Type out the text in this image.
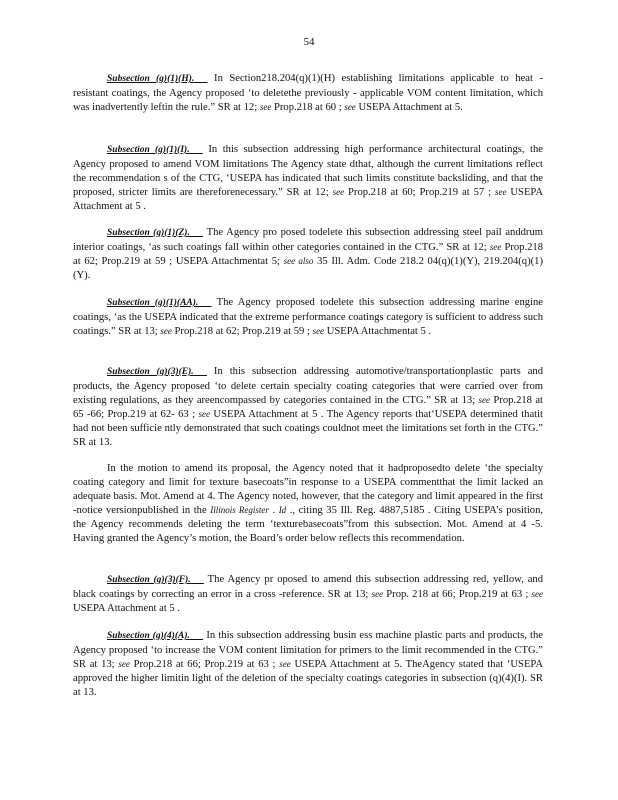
54

Subsection (g)(1)(H).      In Section218.204(q)(1)(H) establishing limitations applicable to heat -resistant coatings, the Agency proposed ‘to deletethe previously - applicable VOM content limitation, which was inadvertently leftin the rule.” SR at 12; see Prop.218 at 60 ; see USEPA Attachment at 5.

Subsection (g)(1)(I).      In this subsection addressing high performance architectural coatings, the Agency proposed to amend VOM limitations The Agency state dthat, although the current limitations reflect the recommendation s of the CTG, ‘USEPA has indicated that such limits constitute backsliding, and that the proposed, stricter limits are thereforenecessary.” SR at 12; see Prop.218 at 60; Prop.219 at 57 ; see USEPA Attachment at 5 .

Subsection (g)(1)(Z).      The Agency pro posed todelete this subsection addressing steel pail anddrum interior coatings, ‘as such coatings fall within other categories contained in the CTG.” SR at 12; see Prop.218 at 62; Prop.219 at 59 ; USEPA Attachmentat 5; see also 35 Ill. Adm. Code 218.2 04(q)(1)(Y), 219.204(q)(1)(Y).

Subsection (g)(1)(AA).      The Agency proposed todelete this subsection addressing marine engine coatings, ‘as the USEPA indicated that the extreme performance coatings category is sufficient to address such coatings.” SR at 13; see Prop.218 at 62; Prop.219 at 59 ; see USEPA Attachmentat 5 .

Subsection (g)(3)(E).      In this subsection addressing automotive/transportationplastic parts and products, the Agency proposed ‘to delete certain specialty coating categories that were carried over from existing regulations, as they areencompassed by categories contained in the CTG.” SR at 13; see Prop.218 at 65 -66; Prop.219 at 62- 63 ; see USEPA Attachment at 5 . The Agency reports that‘USEPA determined thatit had not been sufficie ntly demonstrated that such coatings couldnot meet the limitations set forth in the CTG.” SR at 13.

In the motion to amend its proposal, the Agency noted that it hadproposedto delete ‘the specialty coating category and limit for texture basecoats”in response to a USEPA commentthat the limit lacked an adequate basis. Mot. Amend at 4. The Agency noted, however, that the category and limit appeared in the first -notice versionpublished in the Illinois Register . Id ., citing 35 Ill. Reg. 4887,5185 . Citing USEPA’s position, the Agency recommends deleting the term ‘texturebasecoats”from this subsection. Mot. Amend at 4 -5. Having granted the Agency’s motion, the Board’s order below reflects this recommendation.

Subsection (g)(3)(F).      The Agency pr oposed to amend this subsection addressing red, yellow, and black coatings by correcting an error in a cross -reference. SR at 13; see Prop. 218 at 66; Prop.219 at 63 ; see USEPA Attachment at 5 .

Subsection (g)(4)(A).      In this subsection addressing busin ess machine plastic parts and products, the Agency proposed ‘to increase the VOM content limitation for primers to the limit recommended in the CTG.” SR at 13; see Prop.218 at 66; Prop.219 at 63 ; see USEPA Attachment at 5. TheAgency stated that ‘USEPA approved the higher limitin light of the deletion of the specialty coatings categories in subsection (q)(4)(I). SR at 13.
